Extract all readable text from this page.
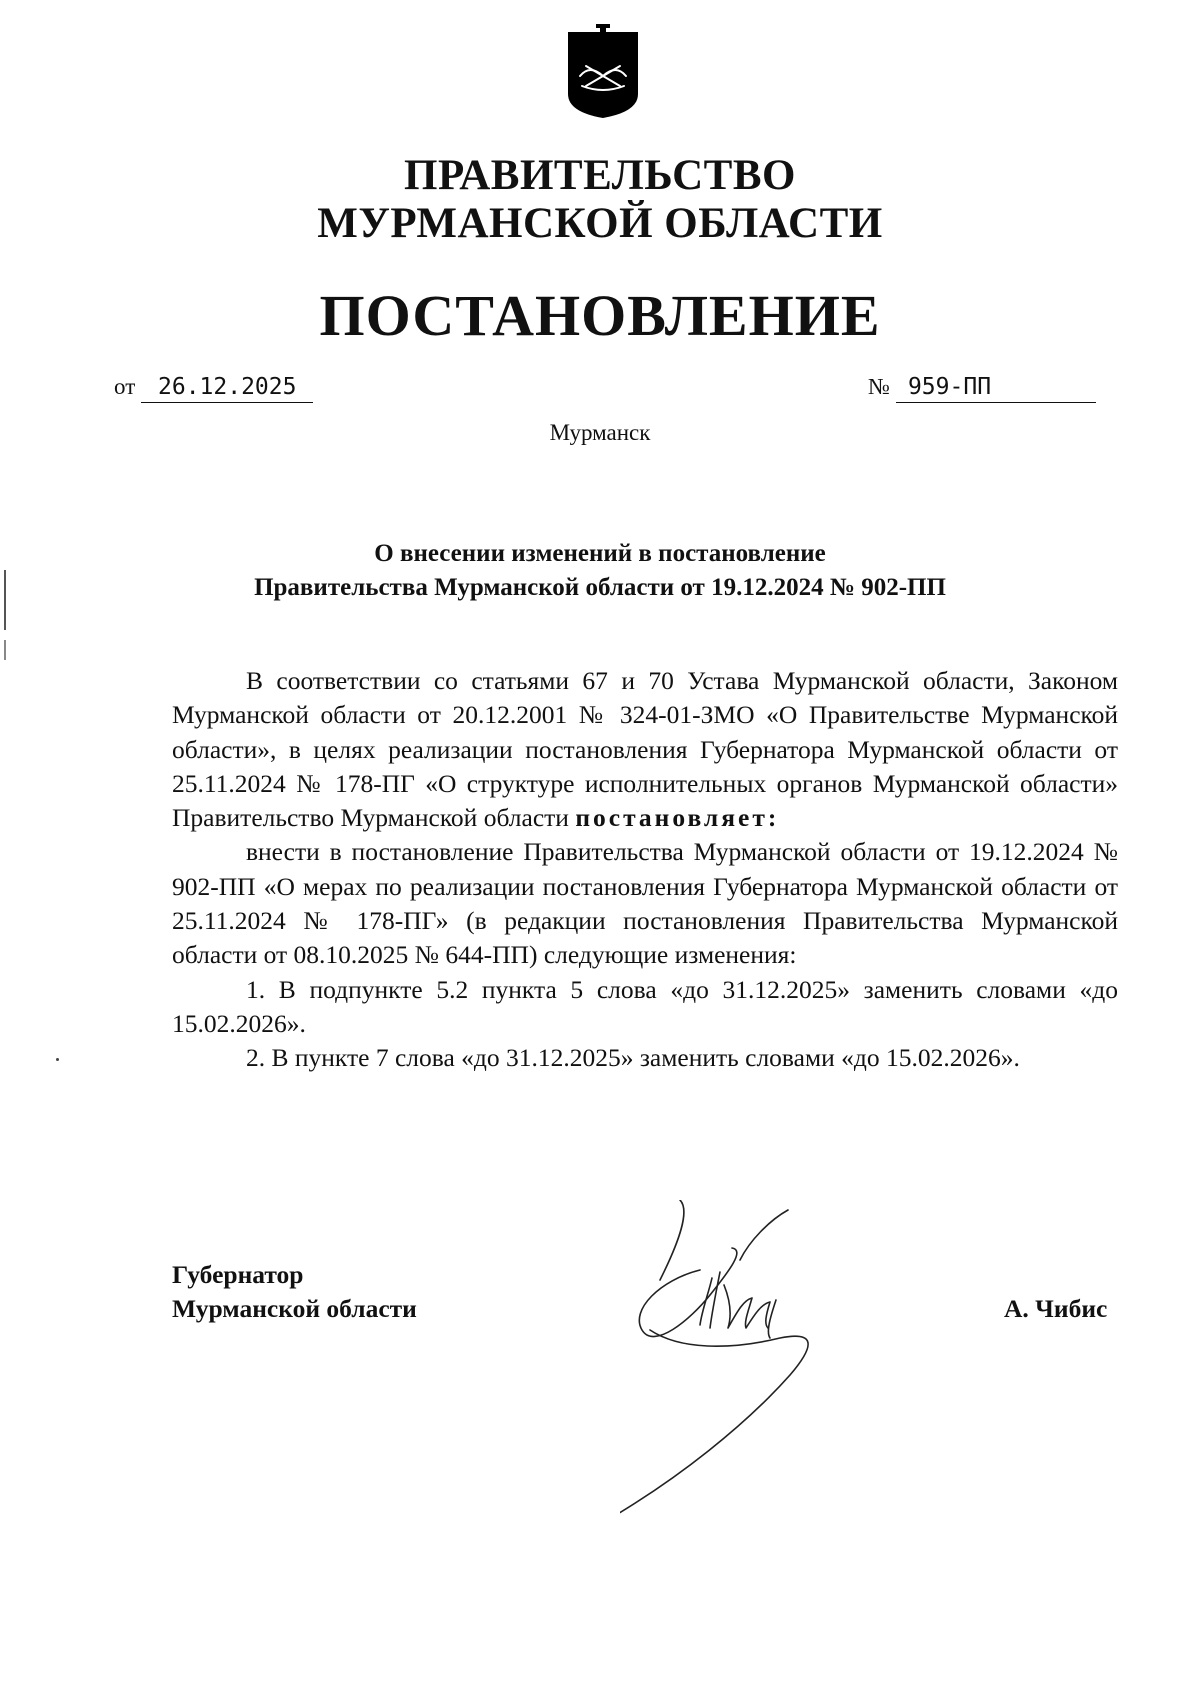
ПРАВИТЕЛЬСТВО
МУРМАНСКОЙ ОБЛАСТИ
ПОСТАНОВЛЕНИЕ
от 26.12.2025	№ 959-ПП
Мурманск
О внесении изменений в постановление
Правительства Мурманской области от 19.12.2024 № 902-ПП

В соответствии со статьями 67 и 70 Устава Мурманской области, Законом Мурманской области от 20.12.2001 № 324-01-ЗМО «О Правительстве Мурманской области», в целях реализации постановления Губернатора Мурманской области от 25.11.2024 № 178-ПГ «О структуре исполнительных органов Мурманской области» Правительство Мурманской области постановляет:

внести в постановление Правительства Мурманской области от 19.12.2024 № 902-ПП «О мерах по реализации постановления Губернатора Мурманской области от 25.11.2024 № 178-ПГ» (в редакции постановления Правительства Мурманской области от 08.10.2025 № 644-ПП) следующие изменения:

1. В подпункте 5.2 пункта 5 слова «до 31.12.2025» заменить словами «до 15.02.2026».

2. В пункте 7 слова «до 31.12.2025» заменить словами «до 15.02.2026».

Губернатор
Мурманской области	А. Чибис
